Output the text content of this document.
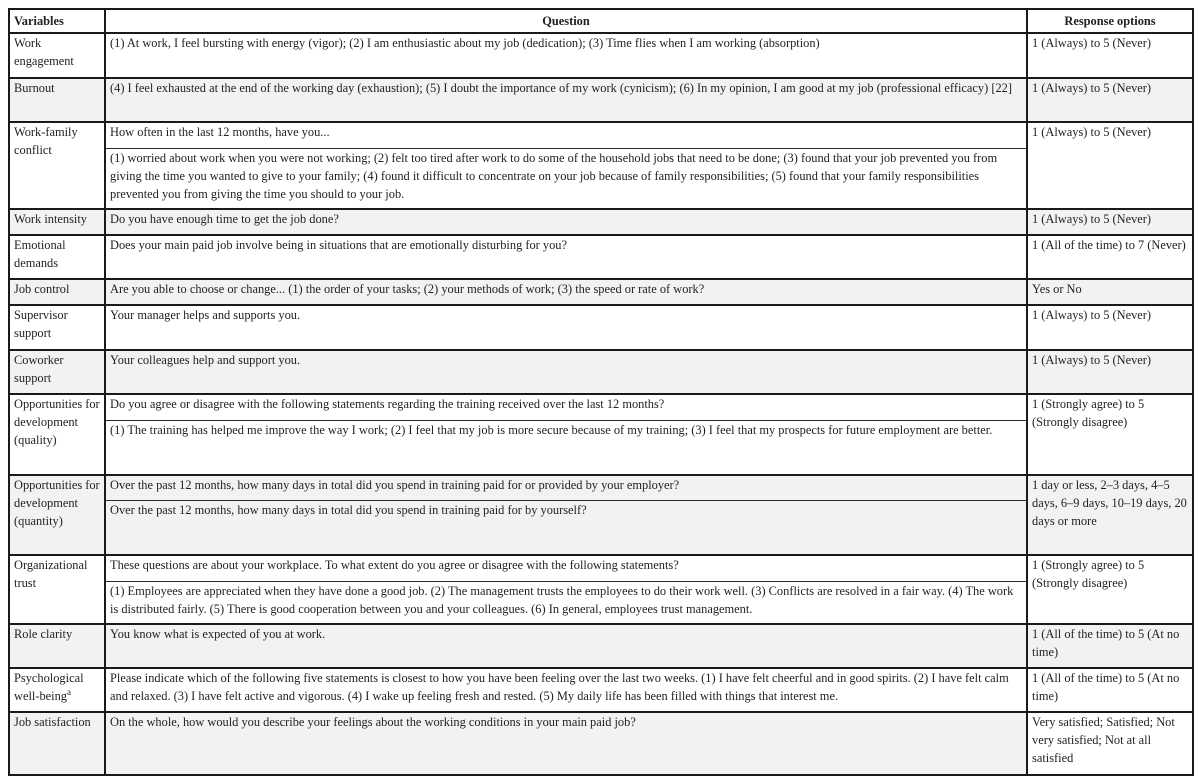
Variables	Question	Response options
Work engagement	(1) At work, I feel bursting with energy (vigor); (2) I am enthusiastic about my job (dedication); (3) Time flies when I am working (absorption)	1 (Always) to 5 (Never)
Burnout	(4) I feel exhausted at the end of the working day (exhaustion); (5) I doubt the importance of my work (cynicism); (6) In my opinion, I am good at my job (professional efficacy) [22]	1 (Always) to 5 (Never)
Work-family conflict	How often in the last 12 months, have you...	1 (Always) to 5 (Never)
	(1) worried about work when you were not working; (2) felt too tired after work to do some of the household jobs that need to be done; (3) found that your job prevented you from giving the time you wanted to give to your family; (4) found it difficult to concentrate on your job because of family responsibilities; (5) found that your family responsibilities prevented you from giving the time you should to your job.	
Work intensity	Do you have enough time to get the job done?	1 (Always) to 5 (Never)
Emotional demands	Does your main paid job involve being in situations that are emotionally disturbing for you?	1 (All of the time) to 7 (Never)
Job control	Are you able to choose or change... (1) the order of your tasks; (2) your methods of work; (3) the speed or rate of work?	Yes or No
Supervisor support	Your manager helps and supports you.	1 (Always) to 5 (Never)
Coworker support	Your colleagues help and support you.	1 (Always) to 5 (Never)
Opportunities for development (quality)	Do you agree or disagree with the following statements regarding the training received over the last 12 months?	1 (Strongly agree) to 5 (Strongly disagree)
	(1) The training has helped me improve the way I work; (2) I feel that my job is more secure because of my training; (3) I feel that my prospects for future employment are better.	
Opportunities for development (quantity)	Over the past 12 months, how many days in total did you spend in training paid for or provided by your employer?	1 day or less, 2–3 days, 4–5 days, 6–9 days, 10–19 days, 20 days or more
	Over the past 12 months, how many days in total did you spend in training paid for by yourself?	
Organizational trust	These questions are about your workplace. To what extent do you agree or disagree with the following statements?	1 (Strongly agree) to 5 (Strongly disagree)
	(1) Employees are appreciated when they have done a good job. (2) The management trusts the employees to do their work well. (3) Conflicts are resolved in a fair way. (4) The work is distributed fairly. (5) There is good cooperation between you and your colleagues. (6) In general, employees trust management.	
Role clarity	You know what is expected of you at work.	1 (All of the time) to 5 (At no time)
Psychological well-being$^a$	Please indicate which of the following five statements is closest to how you have been feeling over the last two weeks. (1) I have felt cheerful and in good spirits. (2) I have felt calm and relaxed. (3) I have felt active and vigorous. (4) I wake up feeling fresh and rested. (5) My daily life has been filled with things that interest me.	1 (All of the time) to 5 (At no time)
Job satisfaction	On the whole, how would you describe your feelings about the working conditions in your main paid job?	Very satisfied; Satisfied; Not very satisfied; Not at all satisfied
